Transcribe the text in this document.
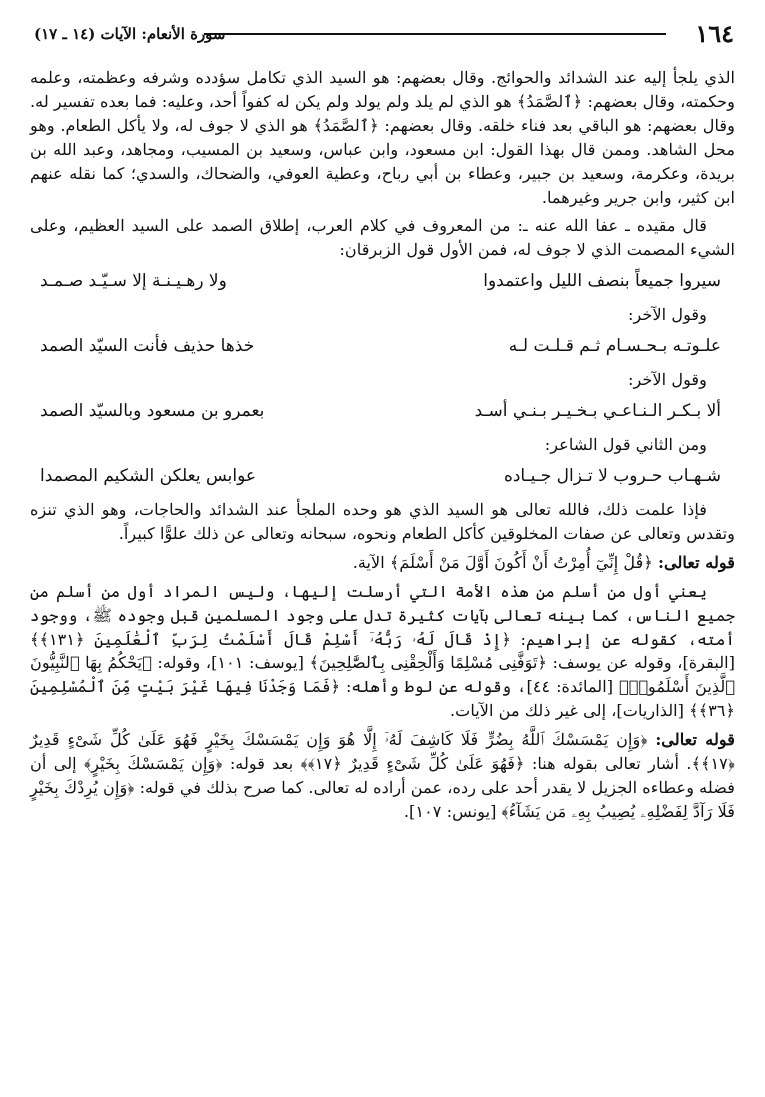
١٦٤
سورة الأنعام: الآيات (١٤ ـ ١٧)

الذي يلجأ إليه عند الشدائد والحوائج. وقال بعضهم: هو السيد الذي تكامل سؤدده وشرفه وعظمته، وعلمه وحكمته، وقال بعضهم: ﴿ٱلصَّمَدُ﴾ هو الذي لم يلد ولم يولد ولم يكن له كفواً أحد، وعليه: فما بعده تفسير له. وقال بعضهم: هو الباقي بعد فناء خلقه. وقال بعضهم: ﴿ٱلصَّمَدُ﴾ هو الذي لا جوف له، ولا يأكل الطعام. وهو محل الشاهد. وممن قال بهذا القول: ابن مسعود، وابن عباس، وسعيد بن المسيب، ومجاهد، وعبد الله بن بريدة، وعكرمة، وسعيد بن جبير، وعطاء بن أبي رباح، وعطية العوفي، والضحاك، والسدي؛ كما نقله عنهم ابن كثير، وابن جرير وغيرهما.

قال مقيده ـ عفا الله عنه ـ: من المعروف في كلام العرب، إطلاق الصمد على السيد العظيم، وعلى الشيء المصمت الذي لا جوف له، فمن الأول قول الزبرقان:

سيروا جميعاً بنصف الليل واعتمدوا
ولا رهـيـنـة إلا سـيّـد صـمـد
وقول الآخر:
علـوتـه بـحـسـام ثـم قـلـت لـه
خذها حذيف فأنت السيّد الصمد
وقول الآخر:
ألا بـكـر الـنـاعـي بـخـيـر بـنـي أسـد
بعمرو بن مسعود وبالسيّد الصمد
ومن الثاني قول الشاعر:
شـهـاب حـروب لا تـزال جـيـاده
عوابس يعلكن الشكيم المصمدا

فإذا علمت ذلك، فالله تعالى هو السيد الذي هو وحده الملجأ عند الشدائد والحاجات، وهو الذي تنزه وتقدس وتعالى عن صفات المخلوقين كأكل الطعام ونحوه، سبحانه وتعالى عن ذلك علوًّا كبيراً.

قوله تعالى: ﴿قُلْ إِنِّيٓ أُمِرْتُ أَنْ أَكُونَ أَوَّلَ مَنْ أَسْلَمَ﴾ الآية.

يعني أول من أسلم من هذه الأمة التي أرسلت إليها، وليس المراد أول من أسلم من جميع الناس، كما بينه تعالى بآيات كثيرة تدل على وجود المسلمين قبل وجوده ﷺ، ووجود أمته، كقوله عن إبراهيم: ﴿إِذْ قَالَ لَهُۥ رَبُّهُۥٓ أَسْلِمْ قَالَ أَسْلَمْتُ لِرَبِّ ٱلْعَٰلَمِينَ ﴿١٣١﴾﴾ [البقرة]، وقوله عن يوسف: ﴿تَوَفَّنِى مُسْلِمًا وَأَلْحِقْنِى بِٱلصَّٰلِحِينَ﴾ [يوسف: ١٠١]، وقوله: ﴿يَحْكُمُ بِهَا ٱلنَّبِيُّونَ ٱلَّذِينَ أَسْلَمُوا۟﴾ [المائدة: ٤٤]، وقوله عن لوط وأهله: ﴿فَمَا وَجَدْنَا فِيهَا غَيْرَ بَيْتٍ مِّنَ ٱلْمُسْلِمِينَ ﴿٣٦﴾﴾ [الذاريات]، إلى غير ذلك من الآيات.

قوله تعالى: ﴿وَإِن يَمْسَسْكَ ٱللَّهُ بِضُرٍّ فَلَا كَاشِفَ لَهُۥٓ إِلَّا هُوَ وَإِن يَمْسَسْكَ بِخَيْرٍ فَهُوَ عَلَىٰ كُلِّ شَىْءٍ قَدِيرٌ ﴿١٧﴾﴾. أشار تعالى بقوله هنا: ﴿فَهُوَ عَلَىٰ كُلِّ شَىْءٍ قَدِيرٌ ﴿١٧﴾﴾ بعد قوله: ﴿وَإِن يَمْسَسْكَ بِخَيْرٍ﴾ إلى أن فضله وعطاءه الجزيل لا يقدر أحد على رده، عمن أراده له تعالى. كما صرح بذلك في قوله: ﴿وَإِن يُرِدْكَ بِخَيْرٍ فَلَا رَآدَّ لِفَضْلِهِۦ يُصِيبُ بِهِۦ مَن يَشَآءُ﴾ [يونس: ١٠٧].
